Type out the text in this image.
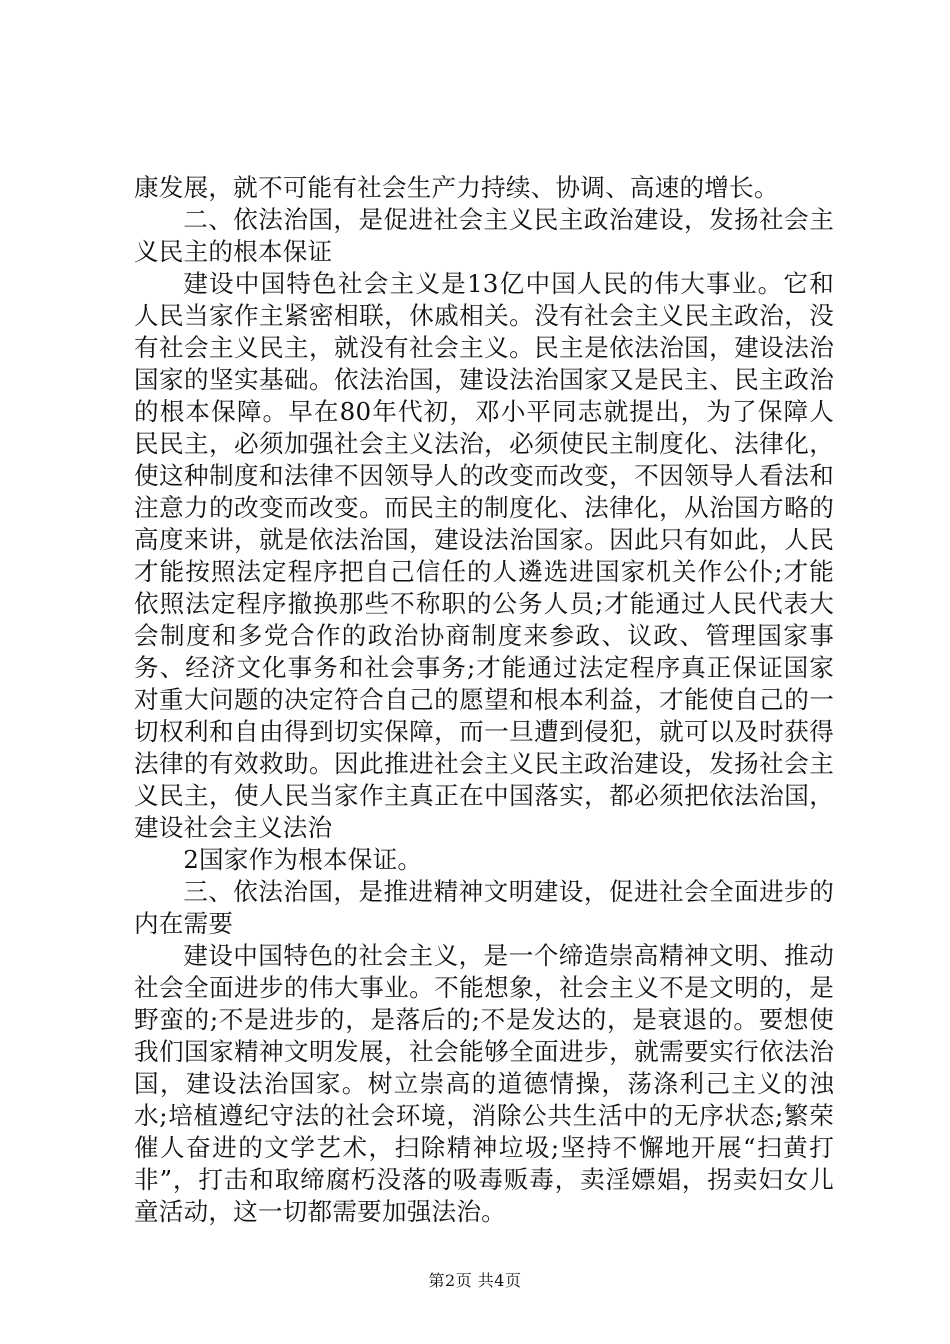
康发展，就不可能有社会生产力持续、协调、高速的增长。

二、依法治国，是促进社会主义民主政治建设，发扬社会主义民主的根本保证

建设中国特色社会主义是13亿中国人民的伟大事业。它和人民当家作主紧密相联，休戚相关。没有社会主义民主政治，没有社会主义民主，就没有社会主义。民主是依法治国，建设法治国家的坚实基础。依法治国，建设法治国家又是民主、民主政治的根本保障。早在80年代初，邓小平同志就提出，为了保障人民民主，必须加强社会主义法治，必须使民主制度化、法律化，使这种制度和法律不因领导人的改变而改变，不因领导人看法和注意力的改变而改变。而民主的制度化、法律化，从治国方略的高度来讲，就是依法治国，建设法治国家。因此只有如此，人民才能按照法定程序把自己信任的人遴选进国家机关作公仆;才能依照法定程序撤换那些不称职的公务人员;才能通过人民代表大会制度和多党合作的政治协商制度来参政、议政、管理国家事务、经济文化事务和社会事务;才能通过法定程序真正保证国家对重大问题的决定符合自己的愿望和根本利益，才能使自己的一切权利和自由得到切实保障，而一旦遭到侵犯，就可以及时获得法律的有效救助。因此推进社会主义民主政治建设，发扬社会主义民主，使人民当家作主真正在中国落实，都必须把依法治国，建设社会主义法治

2国家作为根本保证。

三、依法治国，是推进精神文明建设，促进社会全面进步的内在需要

建设中国特色的社会主义，是一个缔造崇高精神文明、推动社会全面进步的伟大事业。不能想象，社会主义不是文明的，是野蛮的;不是进步的，是落后的;不是发达的，是衰退的。要想使我们国家精神文明发展，社会能够全面进步，就需要实行依法治国，建设法治国家。树立崇高的道德情操，荡涤利己主义的浊水;培植遵纪守法的社会环境，消除公共生活中的无序状态;繁荣催人奋进的文学艺术，扫除精神垃圾;坚持不懈地开展“扫黄打非”，打击和取缔腐朽没落的吸毒贩毒，卖淫嫖娼，拐卖妇女儿童活动，这一切都需要加强法治。

第2页 共4页
